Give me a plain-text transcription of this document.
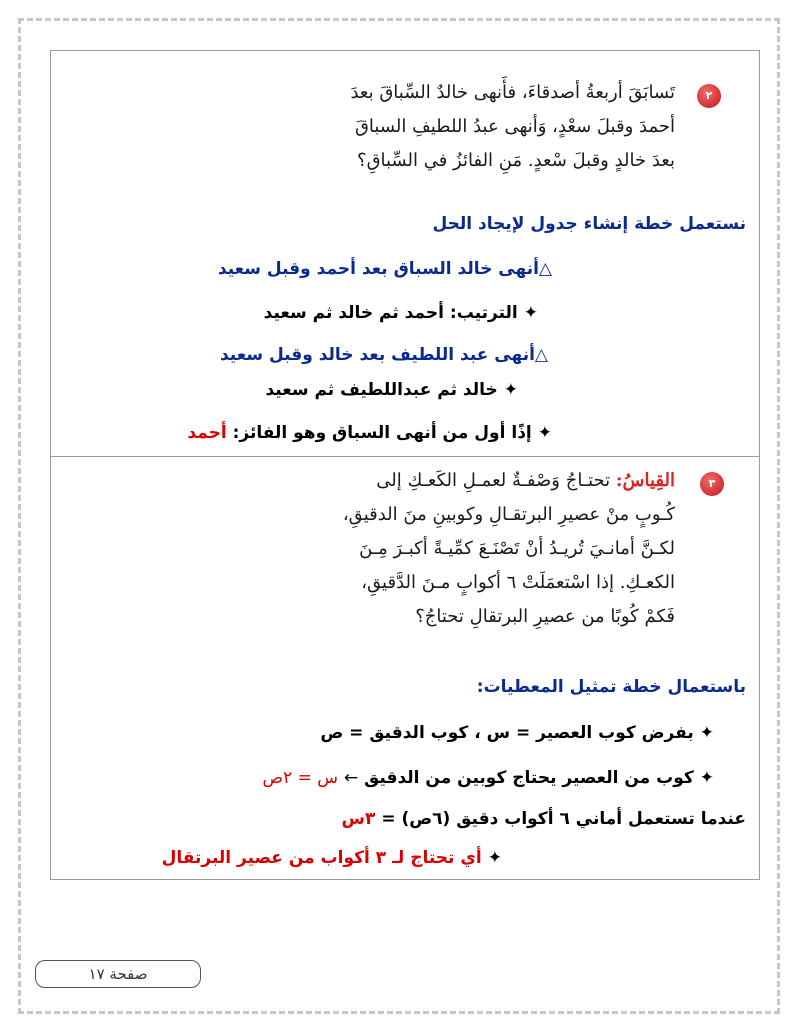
٢
تَسابَقَ أربعةُ أصدقاءَ، فأَنهى خالدٌ السِّباقَ بعدَ
أحمدَ وقبلَ سعْدٍ، وَأنهى عبدُ اللطيفِ السباقَ
بعدَ خالدٍ وقبلَ سْعدٍ. مَنِ الفائزُ في السِّباقِ؟
نستعمل خطة إنشاء جدول لإيجاد الحل
△أنهى خالد السباق بعد أحمد وقبل سعيد
✦الترتيب: أحمد ثم خالد ثم سعيد
△أنهى عبد اللطيف بعد خالد وقبل سعيد
✦خالد ثم عبداللطيف ثم سعيد
✦إذًا أول من أنهى السباق وهو الفائز: أحمد
٣
القِياسُ: تحتـاجُ وَصْفـةٌ لعمـلِ الكَعـكِ إلى
كُـوبٍ منْ عصيرِ البرتقـالِ وكوبينِ منَ الدقيقِ،
لكـنَّ أمانـيَ تُريـدُ أنْ تَصْنَـعَ كمِّيـةً أكبـرَ مِـنَ
الكعـكِ. إذا اسْتعمَلَتْ ٦ أكوابٍ مـنَ الدَّقيقِ،
فَكمْ كُوبًا من عصيرِ البرتقالِ تحتاجُ؟
باستعمال خطة تمثيل المعطيات:
✦بفرض كوب العصير = س ، كوب الدقيق = ص
✦كوب من العصير يحتاج كوبين من الدقيق ← س = ٢ص
عندما تستعمل أماني ٦ أكواب دقيق (٦ص) = ٣س
✦أي تحتاج لـ ٣ أكواب من عصير البرتقال
صفحة ١٧
